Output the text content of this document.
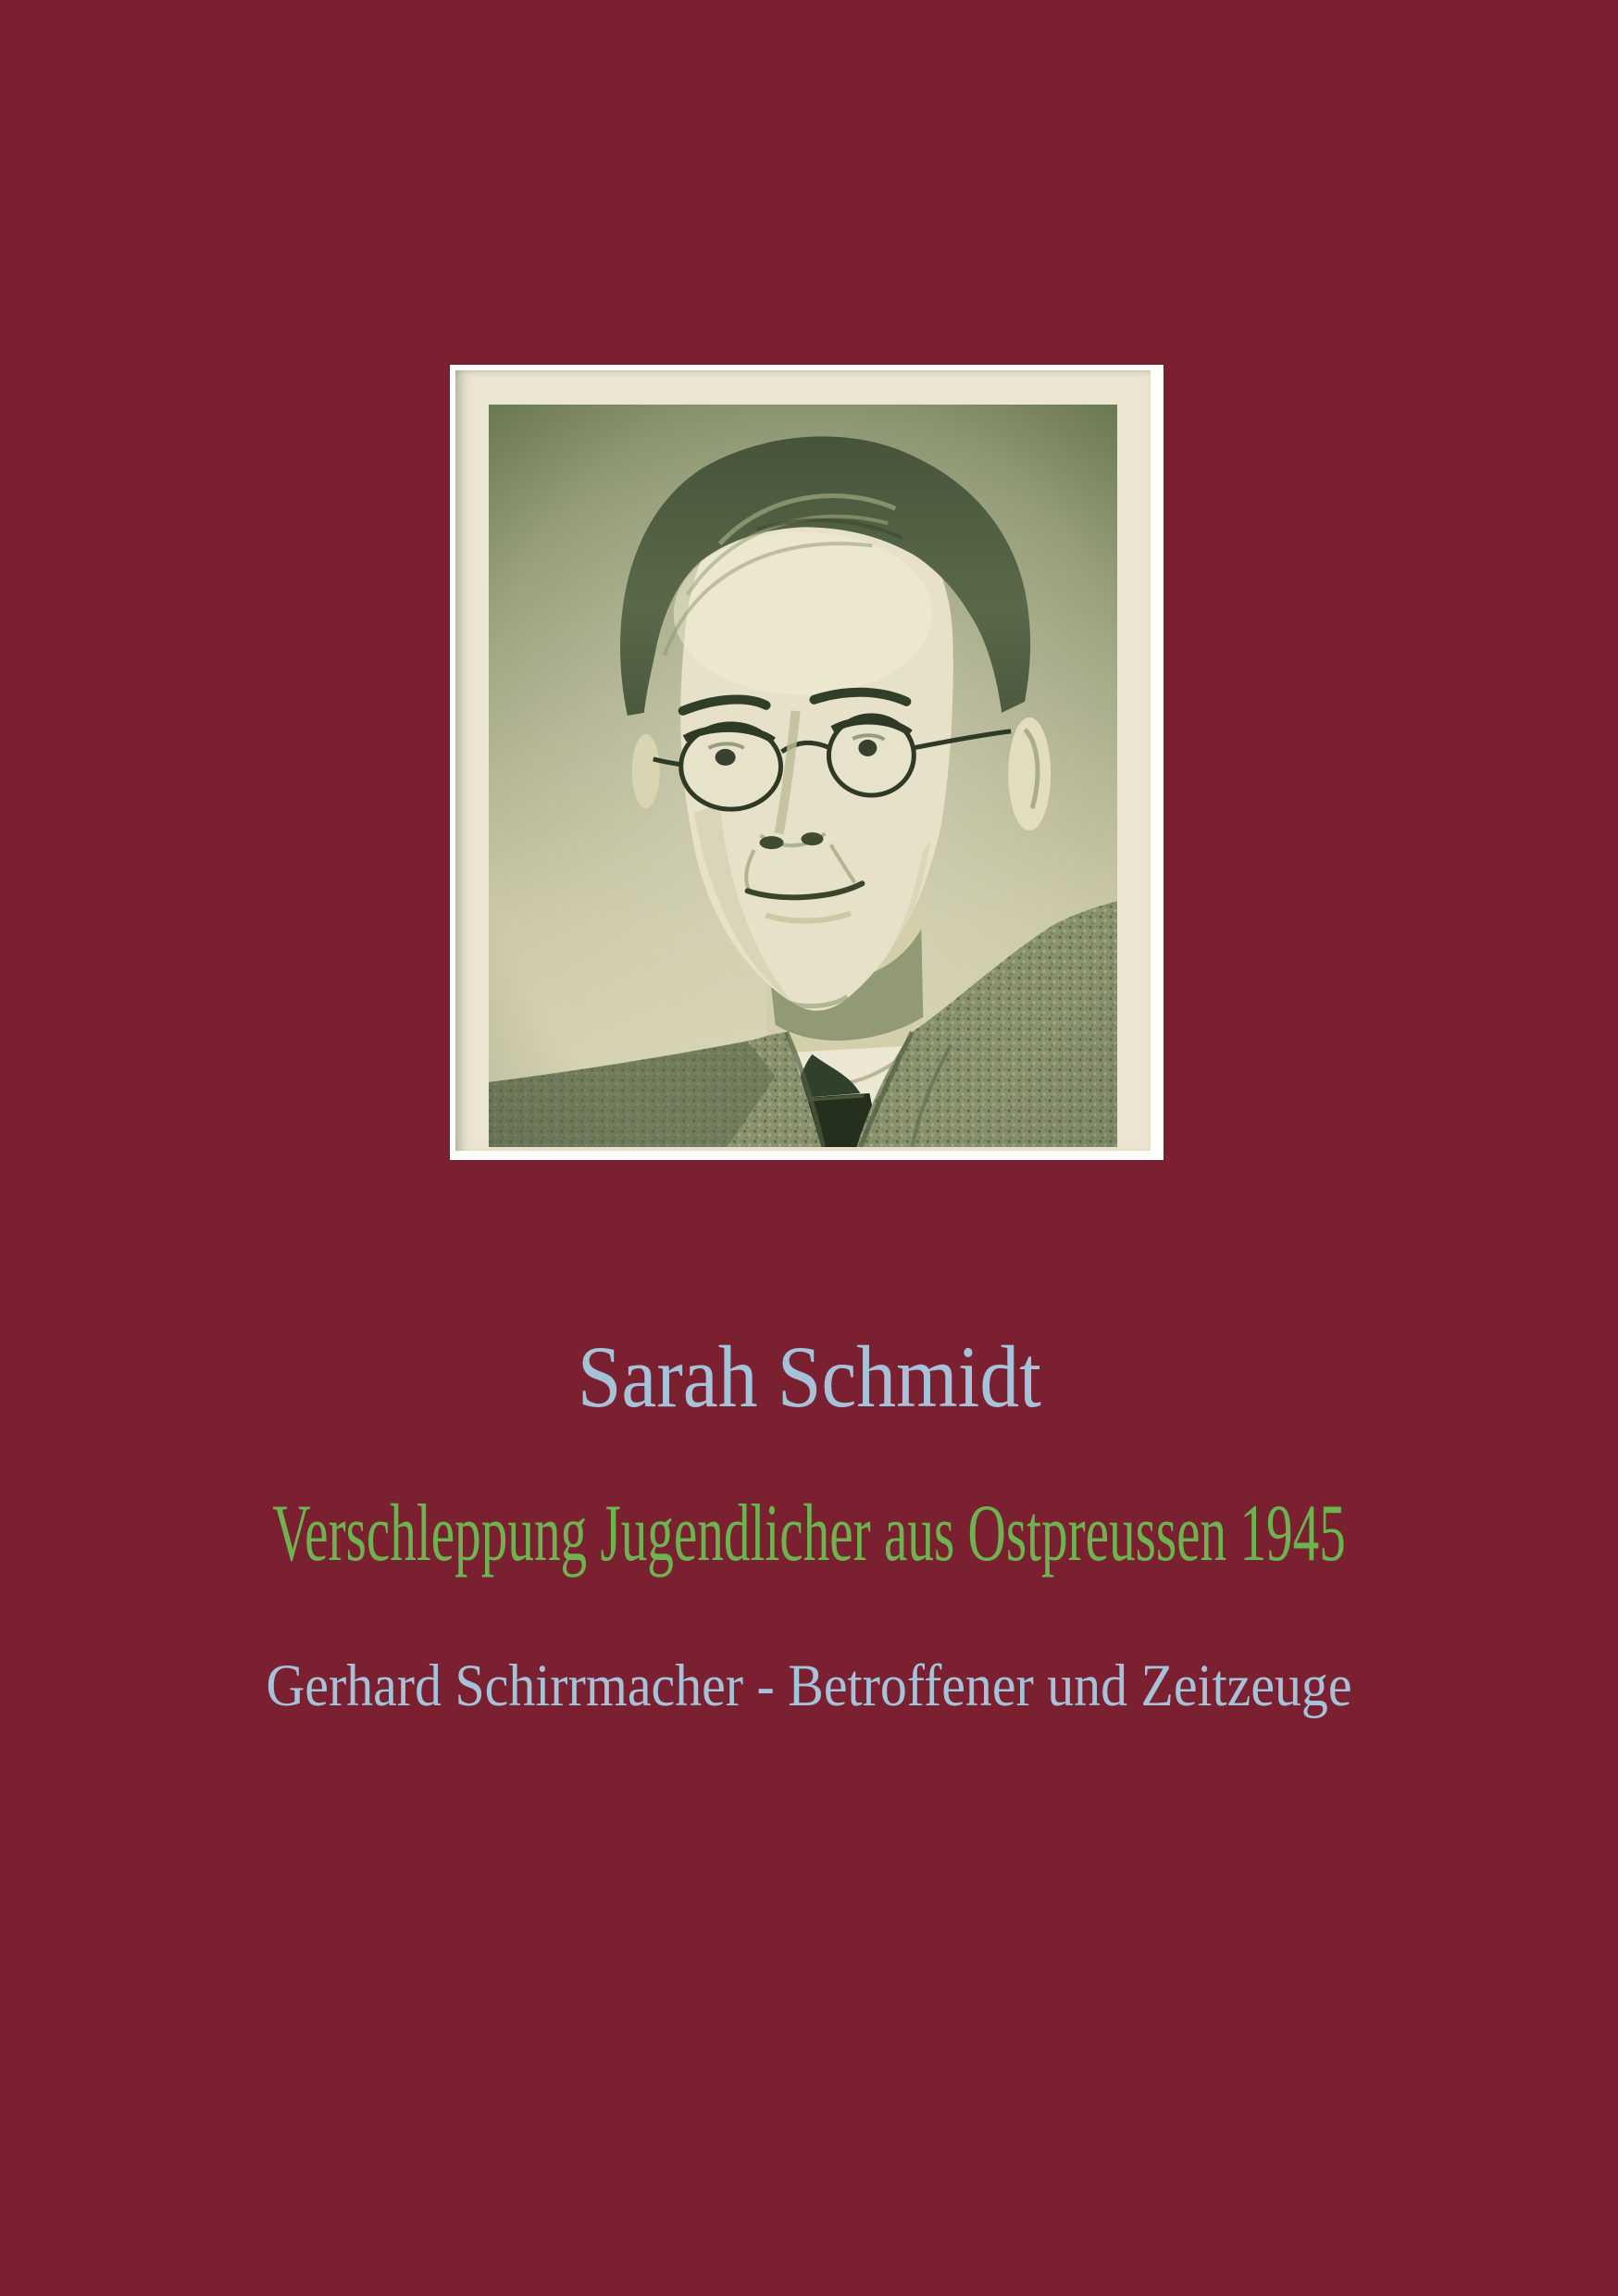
Sarah Schmidt
Verschleppung Jugendlicher aus Ostpreussen 1945
Gerhard Schirrmacher - Betroffener und Zeitzeuge
